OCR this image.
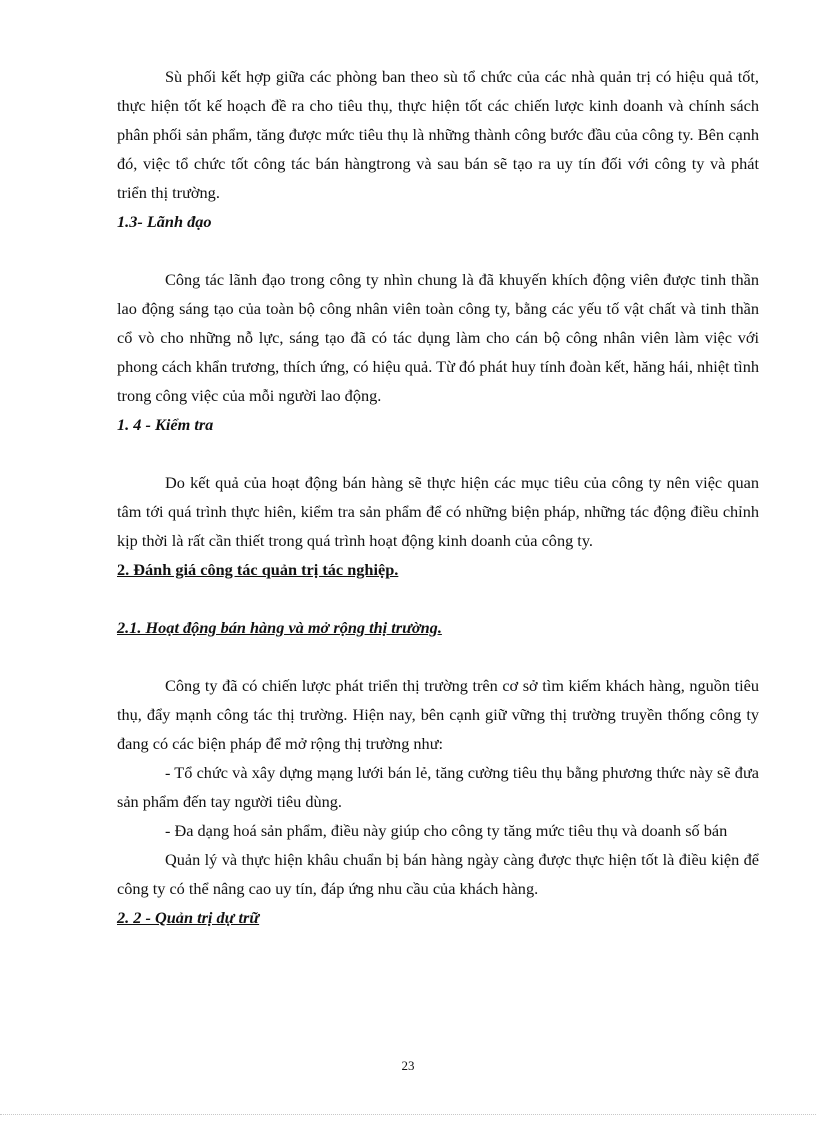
Sù phối kết hợp giữa các phòng ban theo sù tổ chức của các nhà quản trị có hiệu quả tốt, thực hiện tốt kế hoạch đề ra cho tiêu thụ, thực hiện tốt các chiến lược kinh doanh và chính sách phân phối sản phẩm, tăng được mức tiêu thụ là những thành công bước đầu của công ty. Bên cạnh đó, việc tổ chức tốt công tác bán hàngtrong và sau bán sẽ tạo ra uy tín đối với công ty và phát triển thị trường.

1.3- Lãnh đạo

Công tác lãnh đạo trong công ty nhìn chung là đã khuyến khích động viên được tinh thần lao động sáng tạo của toàn bộ công nhân viên toàn công ty, bằng các yếu tố vật chất và tinh thần cổ vò cho những nỗ lực, sáng tạo đã có tác dụng làm cho cán bộ công nhân viên làm việc với phong cách khẩn trương, thích ứng, có hiệu quả. Từ đó phát huy tính đoàn kết, hăng hái, nhiệt tình trong công việc của mỗi người lao động.

1. 4 - Kiểm tra

Do kết quả của hoạt động bán hàng sẽ thực hiện các mục tiêu của công ty nên việc quan tâm tới quá trình thực hiên, kiểm tra sản phẩm để có những biện pháp, những tác động điều chỉnh kịp thời là rất cần thiết trong quá trình hoạt động kinh doanh của công ty.

2. Đánh giá công tác quản trị tác nghiệp.

2.1. Hoạt động bán hàng và mở rộng thị trường.

Công ty đã có chiến lược phát triển thị trường trên cơ sở tìm kiếm khách hàng, nguồn tiêu thụ, đẩy mạnh công tác thị trường. Hiện nay, bên cạnh giữ vững thị trường truyền thống công ty đang có các biện pháp để mở rộng thị trường như:

- Tổ chức và xây dựng mạng lưới bán lẻ, tăng cường tiêu thụ bằng phương thức này sẽ đưa sản phẩm đến tay người tiêu dùng.

- Đa dạng hoá sản phẩm, điều này giúp cho công ty tăng mức tiêu thụ và doanh số bán

Quản lý và thực hiện khâu chuẩn bị bán hàng ngày càng được thực hiện tốt là điều kiện để công ty có thể nâng cao uy tín, đáp ứng nhu cầu của khách hàng.

2. 2 - Quản trị dự trữ

23
